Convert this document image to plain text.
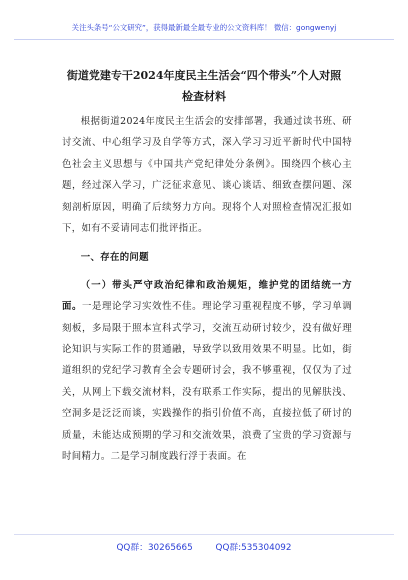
关注头条号“公文研究”，获得最新最全最专业的公文资料库！ 微信：gongwenyj
街道党建专干2024年度民主生活会“四个带头”个人对照
检查材料

根据街道2024年度民主生活会的安排部署，我通过读书班、研讨交流、中心组学习及自学等方式，深入学习习近平新时代中国特色社会主义思想与《中国共产党纪律处分条例》。围绕四个核心主题，经过深入学习，广泛征求意见、谈心谈话、细致查摆问题、深刻剖析原因，明确了后续努力方向。现将个人对照检查情况汇报如下，如有不妥请同志们批评指正。

一、存在的问题

（一）带头严守政治纪律和政治规矩，维护党的团结统一方面。一是理论学习实效性不佳。理论学习重视程度不够，学习单调刻板，多局限于照本宣科式学习，交流互动研讨较少，没有做好理论知识与实际工作的贯通融，导致学以致用效果不明显。比如，街道组织的党纪学习教育全会专题研讨会，我不够重视，仅仅为了过关，从网上下载交流材料，没有联系工作实际，提出的见解肤浅、空洞多是泛泛而谈，实践操作的指引价值不高，直接拉低了研讨的质量，未能达成预期的学习和交流效果，浪费了宝贵的学习资源与时间精力。二是学习制度践行浮于表面。在

QQ群：30265665	QQ群:535304092
